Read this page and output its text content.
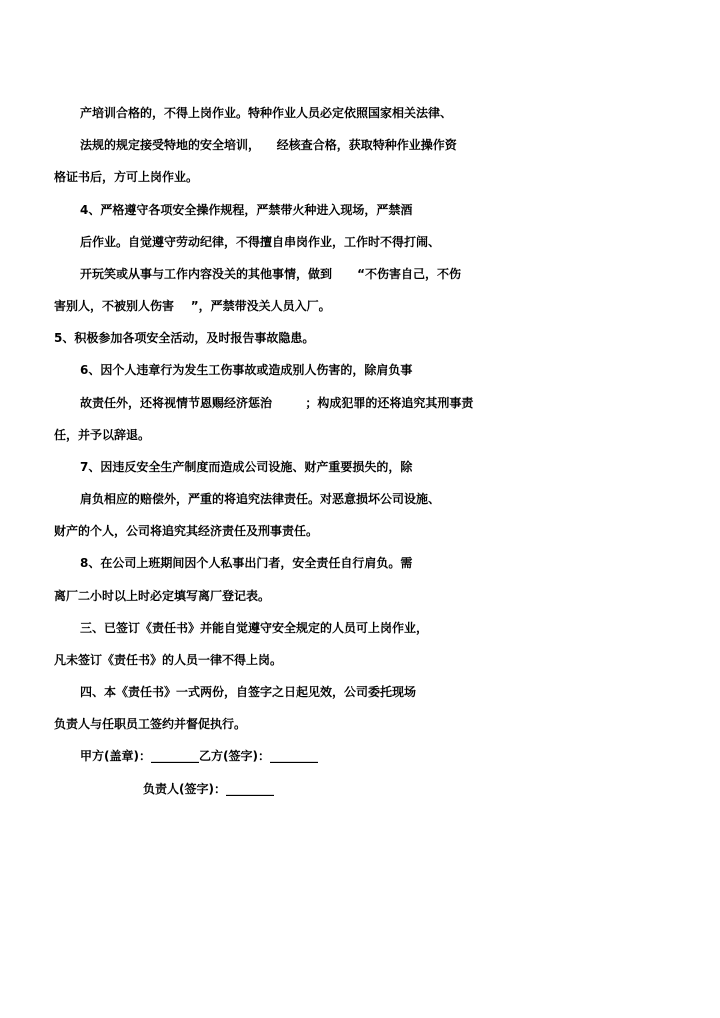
产培训合格的，不得上岗作业。特种作业人员必定依照国家相关法律、
法规的规定接受特地的安全培训，    经核查合格，获取特种作业操作资
格证书后，方可上岗作业。
4、严格遵守各项安全操作规程，严禁带火种进入现场，严禁酒
后作业。自觉遵守劳动纪律，不得擅自串岗作业，工作时不得打闹、
开玩笑或从事与工作内容没关的其他事情，做到      “不伤害自己，不伤
害别人，不被别人伤害    ”，严禁带没关人员入厂。
5、积极参加各项安全活动，及时报告事故隐患。
6、因个人违章行为发生工伤事故或造成别人伤害的，除肩负事
故责任外，还将视情节恩赐经济惩治        ；构成犯罪的还将追究其刑事责
任，并予以辞退。
7、因违反安全生产制度而造成公司设施、财产重要损失的，除
肩负相应的赔偿外，严重的将追究法律责任。对恶意损坏公司设施、
财产的个人，公司将追究其经济责任及刑事责任。
8、在公司上班期间因个人私事出门者，安全责任自行肩负。需
离厂二小时以上时必定填写离厂登记表。
三、已签订《责任书》并能自觉遵守安全规定的人员可上岗作业，
凡未签订《责任书》的人员一律不得上岗。
四、本《责任书》一式两份，自签字之日起见效，公司委托现场
负责人与任职员工签约并督促执行。
甲方(盖章)：________乙方(签字)：________
负责人(签字)：________
